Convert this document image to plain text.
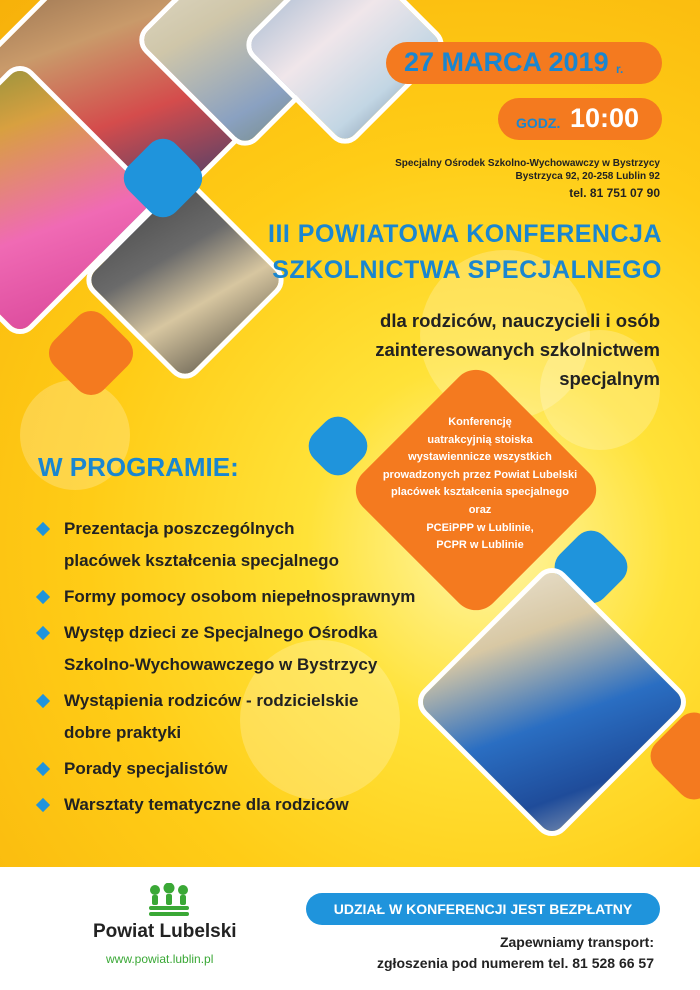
27 MARCA 2019 r.
GODZ. 10:00
Specjalny Ośrodek Szkolno-Wychowawczy w Bystrzycy
Bystrzyca 92, 20-258 Lublin 92
tel. 81 751 07 90
III POWIATOWA KONFERENCJA
SZKOLNICTWA SPECJALNEGO
dla rodziców, nauczycieli i osób
zainteresowanych szkolnictwem
specjalnym
Konferencję
uatrakcyjnią stoiska
wystawiennicze wszystkich
prowadzonych przez Powiat Lubelski
placówek kształcenia specjalnego
oraz
PCEiPPP w Lublinie,
PCPR w Lublinie
W PROGRAMIE:
Prezentacja poszczególnych
placówek kształcenia specjalnego
Formy pomocy osobom niepełnosprawnym
Występ dzieci ze Specjalnego Ośrodka
Szkolno-Wychowawczego w Bystrzycy
Wystąpienia rodziców - rodzicielskie
dobre praktyki
Porady specjalistów
Warsztaty tematyczne dla rodziców
Powiat Lubelski
www.powiat.lublin.pl
UDZIAŁ W KONFERENCJI JEST BEZPŁATNY
Zapewniamy transport:
zgłoszenia pod numerem tel. 81 528 66 57
